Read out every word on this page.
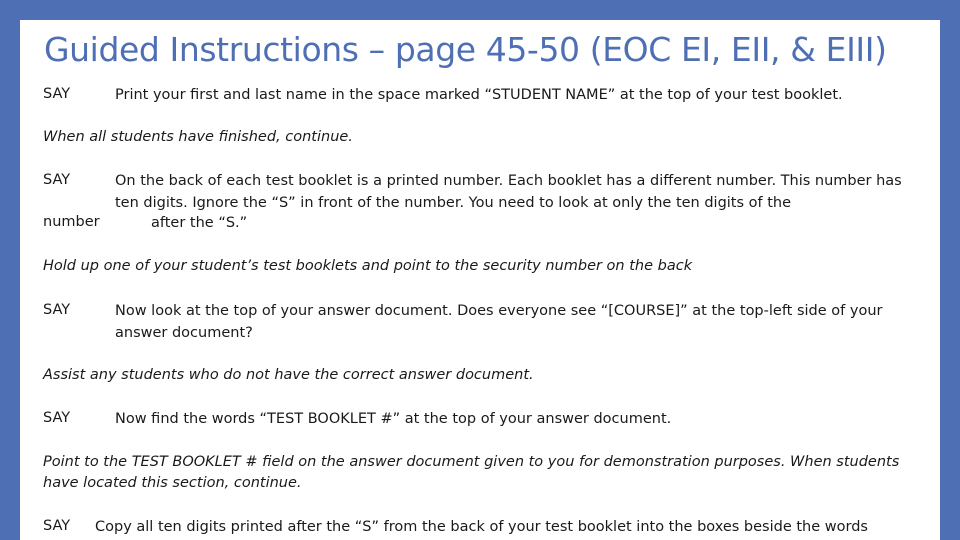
Guided Instructions – page 45-50 (EOC EI, EII, & EIII)
SAY	Print your first and last name in the space marked “STUDENT NAME” at the top of your test booklet.
When all students have finished, continue.
SAY	On the back of each test booklet is a printed number. Each booklet has a different number. This number has ten digits. Ignore the “S” in front of the number. You need to look at only the ten digits of the
number	after the “S.”
Hold up one of your student’s test booklets and point to the security number on the back
SAY	Now look at the top of your answer document. Does everyone see “[COURSE]” at the top-left side of your answer document?
Assist any students who do not have the correct answer document.
SAY	Now find the words “TEST BOOKLET #” at the top of your answer document.
Point to the TEST BOOKLET # field on the answer document given to you for demonstration purposes. When students have located this section, continue.
SAY Copy all ten digits printed after the “S” from the back of your test booklet into the boxes beside the words
